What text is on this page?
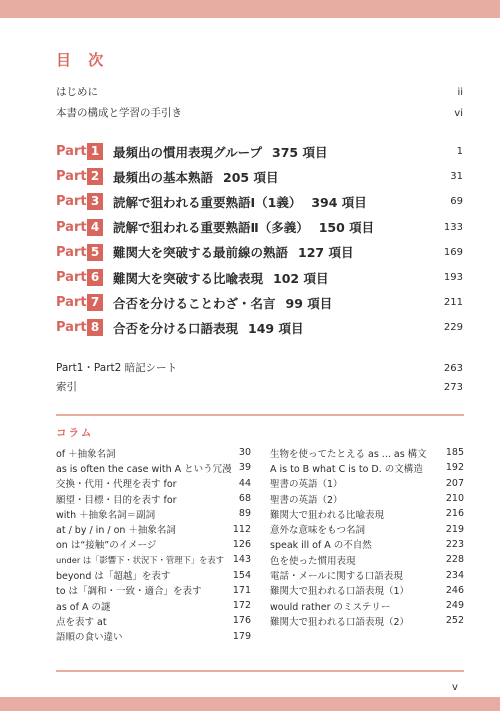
目 次
はじめに	ii
本書の構成と学習の手引き	vi
Part 1	最頻出の慣用表現グループ 375 項目	1
Part 2	最頻出の基本熟語 205 項目	31
Part 3	読解で狙われる重要熟語Ⅰ（1義） 394 項目	69
Part 4	読解で狙われる重要熟語Ⅱ（多義） 150 項目	133
Part 5	難関大を突破する最前線の熟語 127 項目	169
Part 6	難関大を突破する比喩表現 102 項目	193
Part 7	合否を分けることわざ・名言 99 項目	211
Part 8	合否を分ける口語表現 149 項目	229
Part1・Part2 暗記シート	263
索引	273
コラム
of ＋抽象名詞	30
as is often the case with A という冗漫 39
交換・代用・代理を表す for	44
願望・目標・目的を表す for	68
with ＋抽象名詞＝副詞	89
at / by / in / on ＋抽象名詞	112
on は“接触”のイメージ	126
under は「影響下・状況下・管理下」を表す 143
beyond は「超越」を表す	154
to は「調和・一致・適合」を表す	171
as of A の謎	172
点を表す at	176
語順の食い違い	179
生物を使ってたとえる as ... as 構文 185
A is to B what C is to D. の文構造 192
聖書の英語（1）	207
聖書の英語（2）	210
難関大で狙われる比喩表現	216
意外な意味をもつ名詞	219
speak ill of A の不自然	223
色を使った慣用表現	228
電話・メールに関する口語表現	234
難関大で狙われる口語表現（1）	246
would rather のミステリー	249
難関大で狙われる口語表現（2）	252
v
